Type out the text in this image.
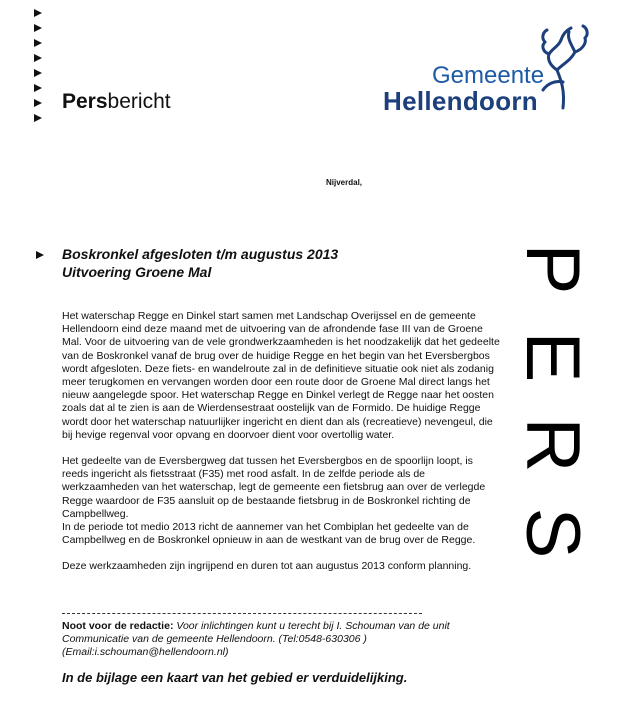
Persbericht
Gemeente
Hellendoorn
Nijverdal,
Boskronkel afgesloten t/m augustus 2013
Uitvoering Groene Mal	P
E
R
S

Het waterschap Regge en Dinkel start samen met Landschap Overijssel en de gemeente Hellendoorn eind deze maand met de uitvoering van de afrondende fase III van de Groene Mal. Voor de uitvoering van de vele grondwerkzaamheden is het noodzakelijk dat het gedeelte van de Boskronkel vanaf de brug over de huidige Regge en het begin van het Eversbergbos wordt afgesloten. Deze fiets- en wandelroute zal in de definitieve situatie ook niet als zodanig meer terugkomen en vervangen worden door een route door de Groene Mal direct langs het nieuw aangelegde spoor. Het waterschap Regge en Dinkel verlegt de Regge naar het oosten zoals dat al te zien is aan de Wierdensestraat oostelijk van de Formido. De huidige Regge wordt door het waterschap natuurlijker ingericht en dient dan als (recreatieve) nevengeul, die bij hevige regenval voor opvang en doorvoer dient voor overtollig water.

Het gedeelte van de Eversbergweg dat tussen het Eversbergbos en de spoorlijn loopt, is reeds ingericht als fietsstraat (F35) met rood asfalt. In de zelfde periode als de werkzaamheden van het waterschap, legt de gemeente een fietsbrug aan over de verlegde Regge waardoor de F35 aansluit op de bestaande fietsbrug in de Boskronkel richting de Campbellweg.
In de periode tot medio 2013 richt de aannemer van het Combiplan het gedeelte van de Campbellweg en de Boskronkel opnieuw in aan de westkant van de brug over de Regge.

Deze werkzaamheden zijn ingrijpend en duren tot aan augustus 2013 conform planning.

Noot voor de redactie: Voor inlichtingen kunt u terecht bij I. Schouman van de unit Communicatie van de gemeente Hellendoorn. (Tel:0548-630306 ) (Email:i.schouman@hellendoorn.nl)
In de bijlage een kaart van het gebied er verduidelijking.
